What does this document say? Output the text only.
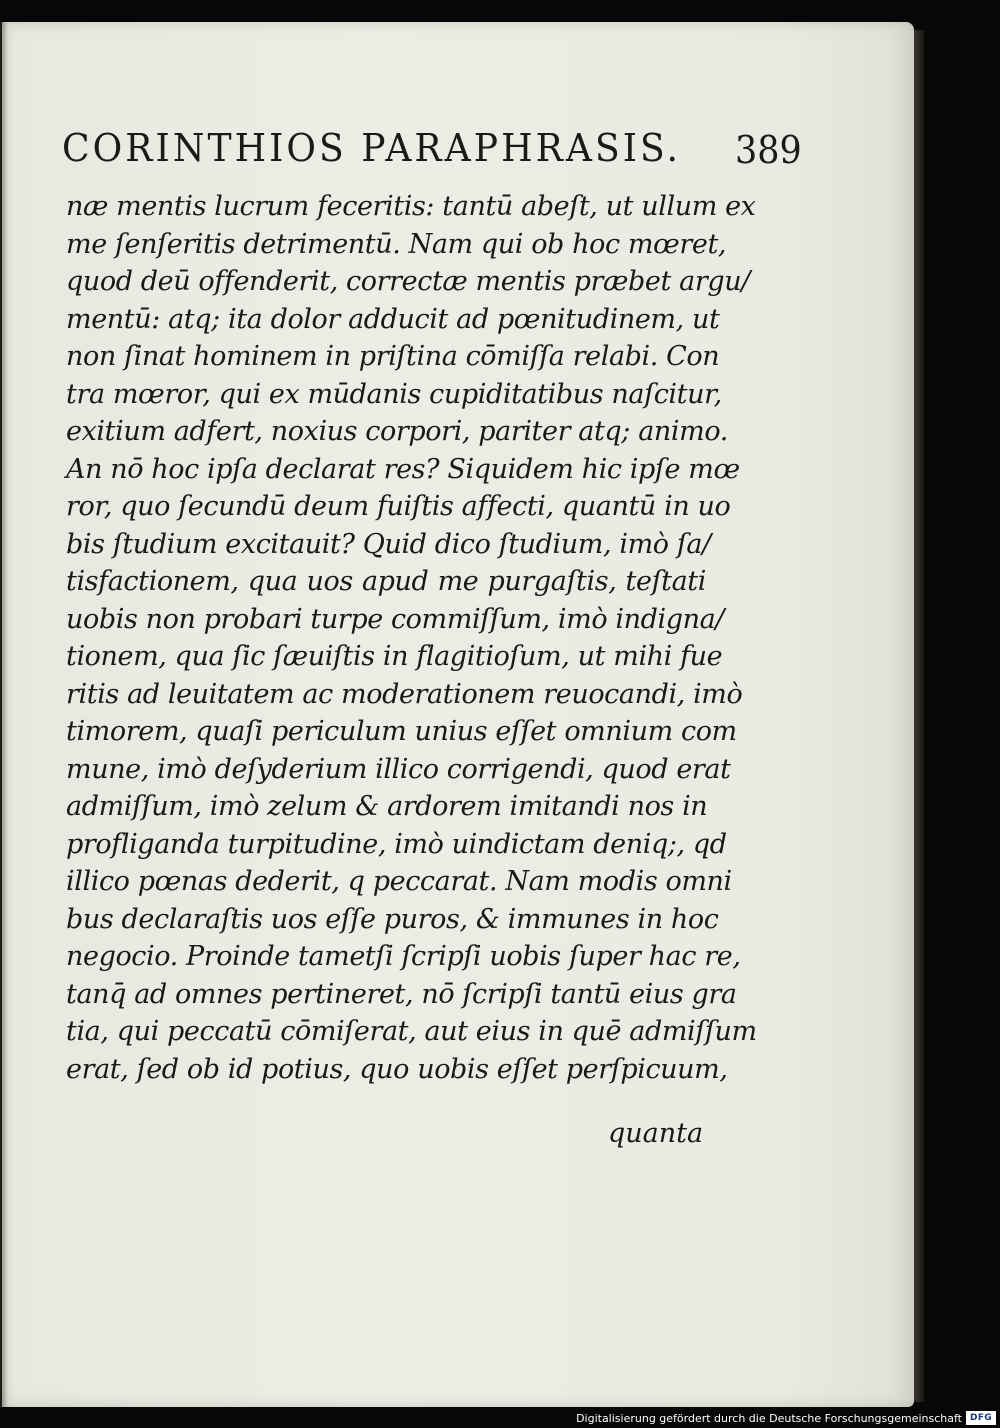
CORINTHIOS PARAPHRASIS. 389
næ mentis lucrum feceritis: tantū abeſt, ut ullum ex
me ſenſeritis detrimentū. Nam qui ob hoc mœret,
quod deū offenderit, correctæ mentis præbet argu/
mentū: atq; ita dolor adducit ad pœnitudinem, ut
non ſinat hominem in priſtina cōmiſſa relabi. Con
tra mœror, qui ex mūdanis cupiditatibus naſcitur,
exitium adfert, noxius corpori, pariter atq; animo.
An nō hoc ipſa declarat res? Siquidem hic ipſe mœ
ror, quo ſecundū deum fuiſtis affecti, quantū in uo
bis ſtudium excitauit? Quid dico ſtudium, imò ſa/
tisfactionem, qua uos apud me purgaſtis, teſtati
uobis non probari turpe commiſſum, imò indigna/
tionem, qua ſic ſæuiſtis in flagitioſum, ut mihi fue
ritis ad leuitatem ac moderationem reuocandi, imò
timorem, quaſi periculum unius eſſet omnium com
mune, imò deſyderium illico corrigendi, quod erat
admiſſum, imò zelum & ardorem imitandi nos in
profliganda turpitudine, imò uindictam deniq;, qd
illico pœnas dederit, q peccarat. Nam modis omni
bus declaraſtis uos eſſe puros, & immunes in hoc
negocio. Proinde tametſi ſcripſi uobis ſuper hac re,
tanq̄ ad omnes pertineret, nō ſcripſi tantū eius gra
tia, qui peccatū cōmiſerat, aut eius in quē admiſſum
erat, ſed ob id potius, quo uobis eſſet perſpicuum,
quanta
Digitalisierung gefördert durch die Deutsche Forschungsgemeinschaft DFG
